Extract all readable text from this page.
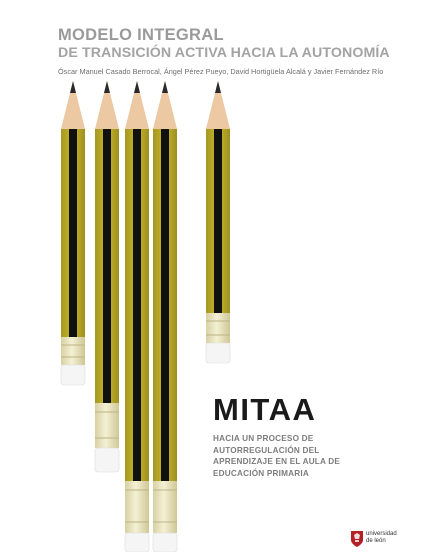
MODELO INTEGRAL
DE TRANSICIÓN ACTIVA HACIA LA AUTONOMÍA
Óscar Manuel Casado Berrocal, Ángel Pérez Pueyo, David Hortigüela Alcalá y Javier Fernández Río
MITAA
HACIA UN PROCESO DE
AUTORREGULACIÓN DEL
APRENDIZAJE EN EL AULA DE
EDUCACIÓN PRIMARIA
universidad
de león
